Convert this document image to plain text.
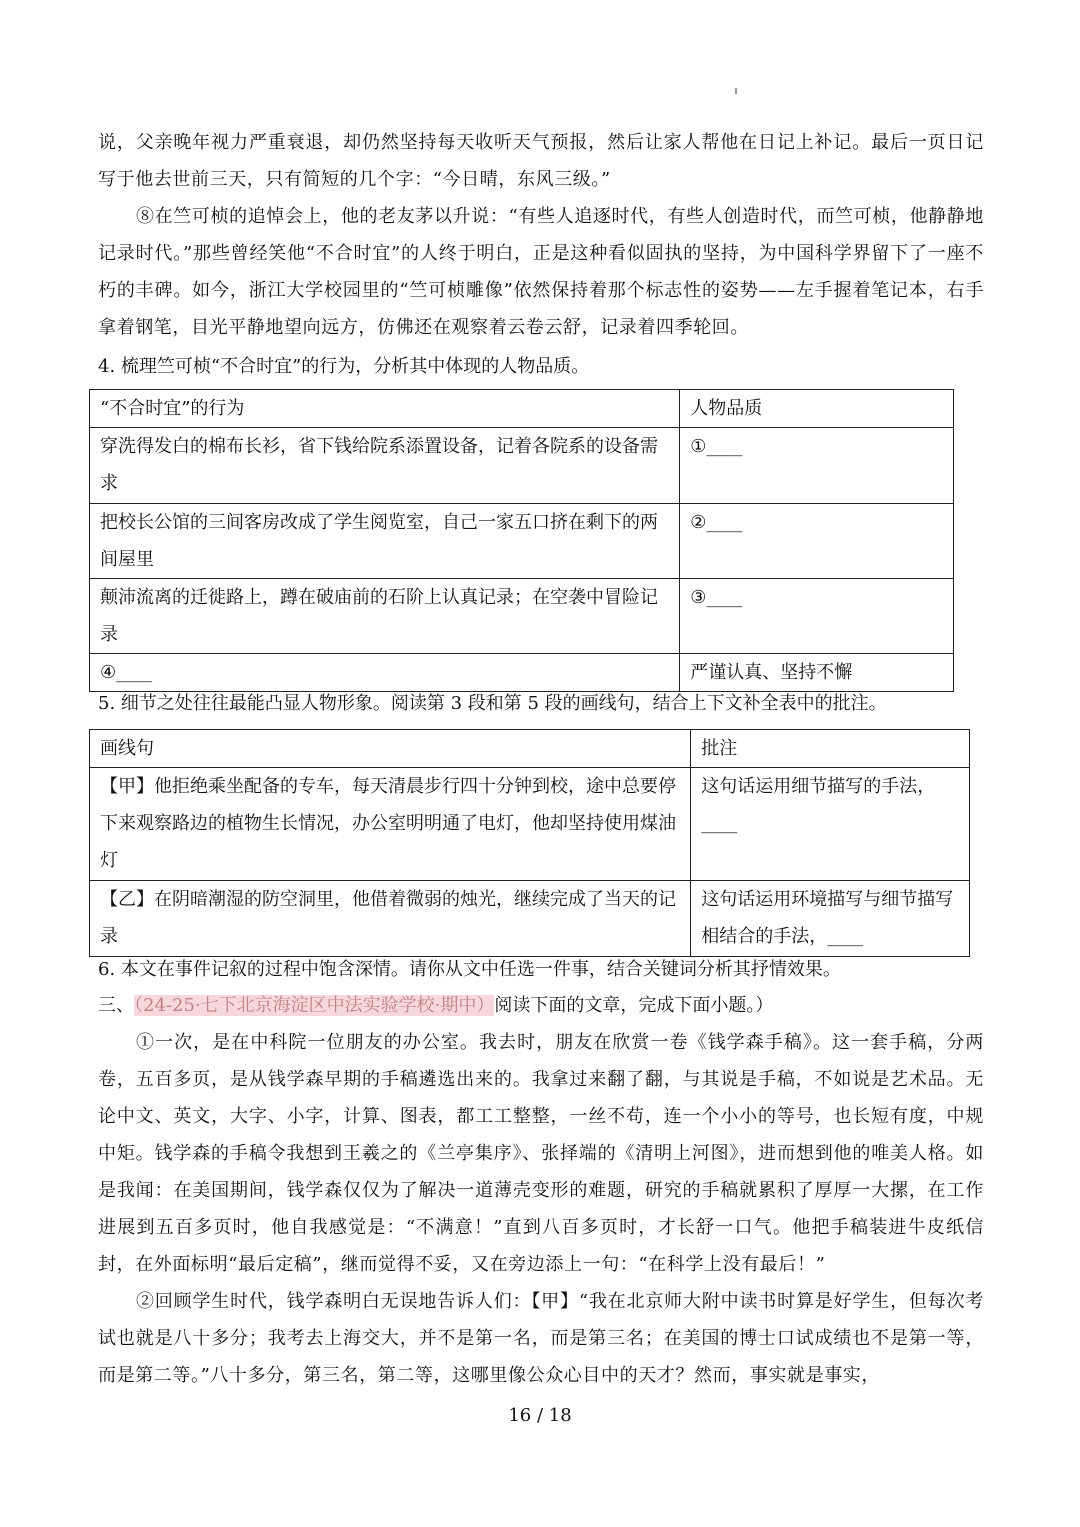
说，父亲晚年视力严重衰退，却仍然坚持每天收听天气预报，然后让家人帮他在日记上补记。最后一页日记写于他去世前三天，只有简短的几个字：“今日晴，东风三级。”

⑧在竺可桢的追悼会上，他的老友茅以升说：“有些人追逐时代，有些人创造时代，而竺可桢，他静静地记录时代。”那些曾经笑他“不合时宜”的人终于明白，正是这种看似固执的坚持，为中国科学界留下了一座不朽的丰碑。如今，浙江大学校园里的“竺可桢雕像”依然保持着那个标志性的姿势——左手握着笔记本，右手拿着钢笔，目光平静地望向远方，仿佛还在观察着云卷云舒，记录着四季轮回。

4. 梳理竺可桢“不合时宜”的行为，分析其中体现的人物品质。

“不合时宜”的行为	人物品质
穿洗得发白的棉布长衫，省下钱给院系添置设备，记着各院系的设备需求	①____
把校长公馆的三间客房改成了学生阅览室，自己一家五口挤在剩下的两间屋里	②____
颠沛流离的迁徙路上，蹲在破庙前的石阶上认真记录；在空袭中冒险记录	③____
④____	严谨认真、坚持不懈

5. 细节之处往往最能凸显人物形象。阅读第 3 段和第 5 段的画线句，结合上下文补全表中的批注。

画线句	批注
【甲】他拒绝乘坐配备的专车，每天清晨步行四十分钟到校，途中总要停下来观察路边的植物生长情况，办公室明明通了电灯，他却坚持使用煤油灯	这句话运用细节描写的手法，____
【乙】在阴暗潮湿的防空洞里，他借着微弱的烛光，继续完成了当天的记录	这句话运用环境描写与细节描写相结合的手法，____

6. 本文在事件记叙的过程中饱含深情。请你从文中任选一件事，结合关键词分析其抒情效果。

三、（24-25·七下北京海淀区中法实验学校·期中）阅读下面的文章，完成下面小题。）

①一次，是在中科院一位朋友的办公室。我去时，朋友在欣赏一卷《钱学森手稿》。这一套手稿，分两卷，五百多页，是从钱学森早期的手稿遴选出来的。我拿过来翻了翻，与其说是手稿，不如说是艺术品。无论中文、英文，大字、小字，计算、图表，都工工整整，一丝不苟，连一个小小的等号，也长短有度，中规中矩。钱学森的手稿令我想到王羲之的《兰亭集序》、张择端的《清明上河图》，进而想到他的唯美人格。如是我闻：在美国期间，钱学森仅仅为了解决一道薄壳变形的难题，研究的手稿就累积了厚厚一大摞，在工作进展到五百多页时，他自我感觉是：“不满意！”直到八百多页时，才长舒一口气。他把手稿装进牛皮纸信封，在外面标明“最后定稿”，继而觉得不妥，又在旁边添上一句：“在科学上没有最后！”

②回顾学生时代，钱学森明白无误地告诉人们：【甲】“我在北京师大附中读书时算是好学生，但每次考试也就是八十多分；我考去上海交大，并不是第一名，而是第三名；在美国的博士口试成绩也不是第一等，而是第二等。”八十多分，第三名，第二等，这哪里像公众心目中的天才？然而，事实就是事实，

16 / 18
